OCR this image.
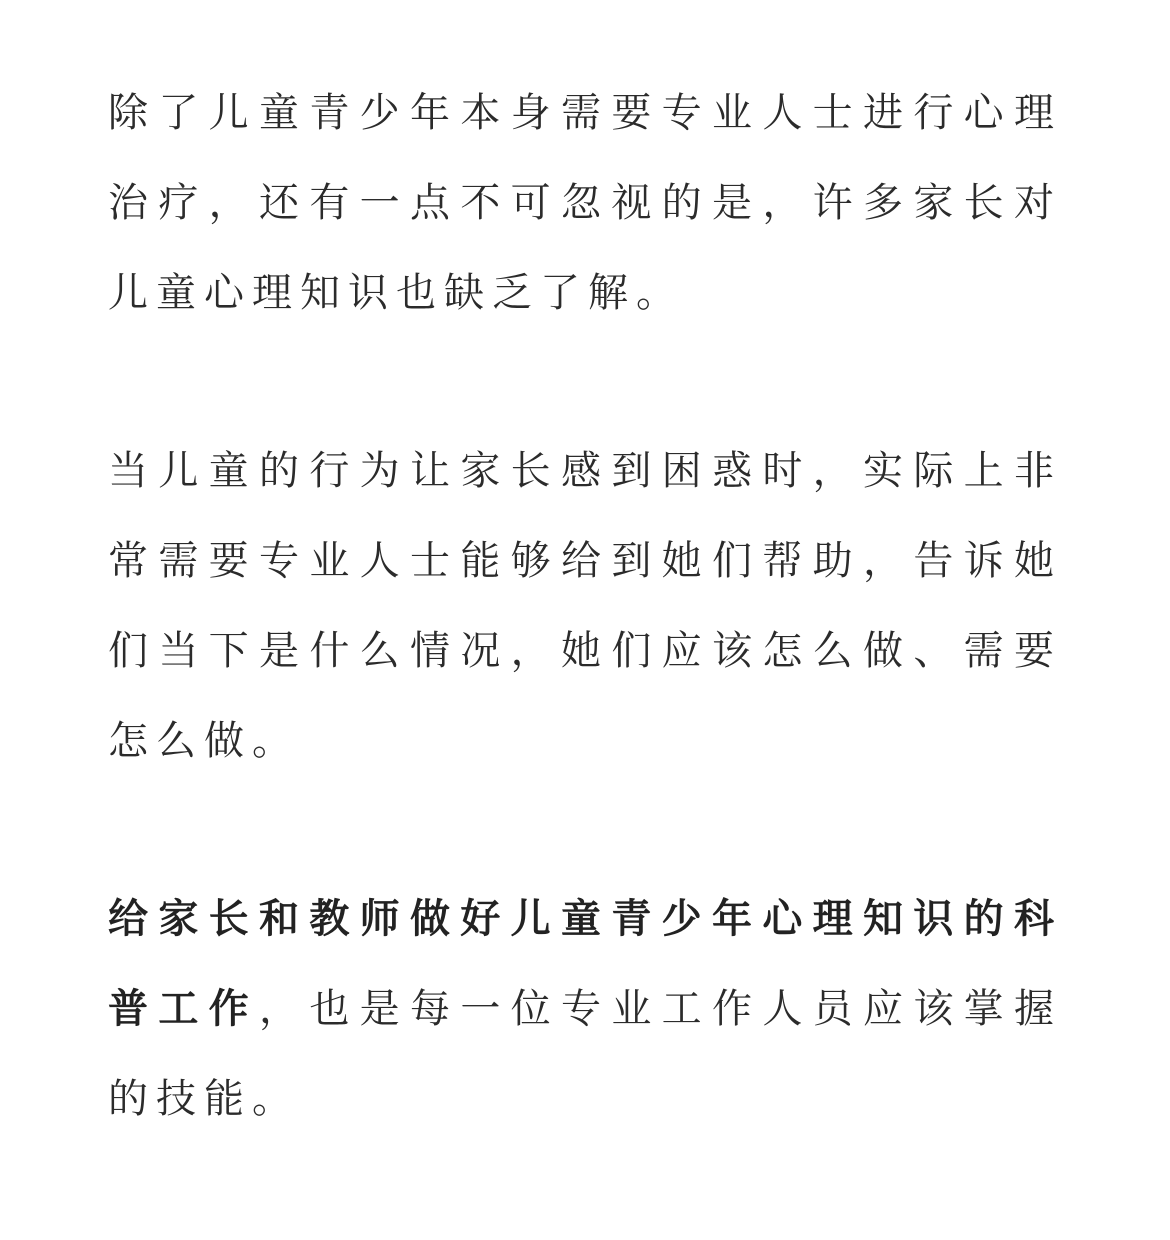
除了儿童青少年本身需要专业人士进行心理治疗，还有一点不可忽视的是，许多家长对儿童心理知识也缺乏了解。

当儿童的行为让家长感到困惑时，实际上非常需要专业人士能够给到她们帮助，告诉她们当下是什么情况，她们应该怎么做、需要怎么做。

给家长和教师做好儿童青少年心理知识的科普工作，也是每一位专业工作人员应该掌握的技能。
